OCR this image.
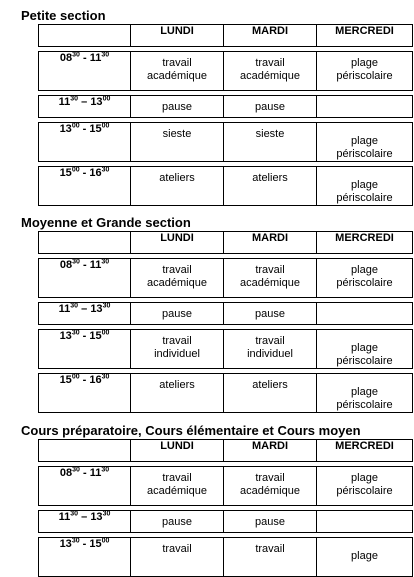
Petite section
	LUNDI	MARDI	MERCREDI

$08^{30} - 11^{30}$	travail académique	travail académique	plage périscolaire

$11^{30} - 13^{00}$	pause	pause	

$13^{00} - 15^{00}$	sieste	sieste	plage périscolaire

$15^{00} - 16^{30}$	ateliers	ateliers	plage périscolaire
Moyenne et Grande section
	LUNDI	MARDI	MERCREDI

$08^{30} - 11^{30}$	travail académique	travail académique	plage périscolaire

$11^{30} - 13^{30}$	pause	pause	

$13^{30} - 15^{00}$	travail individuel	travail individuel	plage périscolaire

$15^{00} - 16^{30}$	ateliers	ateliers	plage périscolaire
Cours préparatoire, Cours élémentaire et Cours moyen
	LUNDI	MARDI	MERCREDI

$08^{30} - 11^{30}$	travail académique	travail académique	plage périscolaire

$11^{30} - 13^{30}$	pause	pause	

$13^{30} - 15^{00}$	travail	travail	plage
